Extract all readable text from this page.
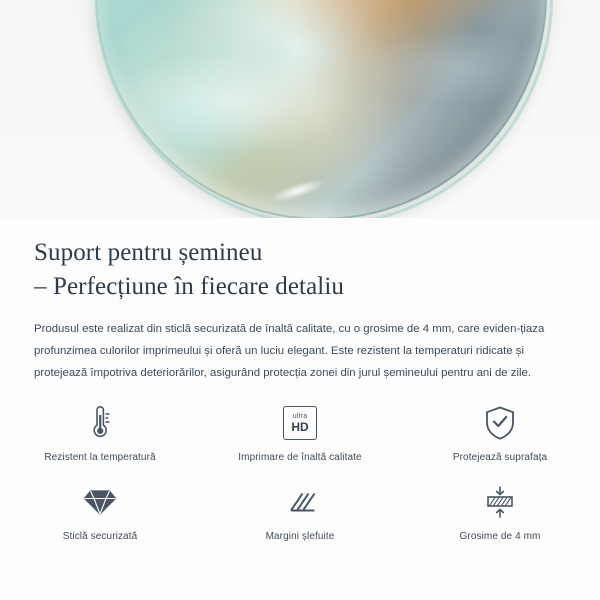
Suport pentru șemineu
– Perfecțiune în fiecare detaliu

Produsul este realizat din sticlă securizată de înaltă calitate, cu o grosime de 4 mm, care eviden‑țiaza profunzimea culorilor imprimeului și oferă un luciu elegant. Este rezistent la temperaturi ridicate și protejează împotriva deteriorărilor, asigurând protecția zonei din jurul șemineului pentru ani de zile.

Rezistent la temperatură
ultra
HD
Imprimare de înaltă calitate	Protejează suprafața
Sticlă securizată	Margini șlefuite	Grosime de 4 mm
